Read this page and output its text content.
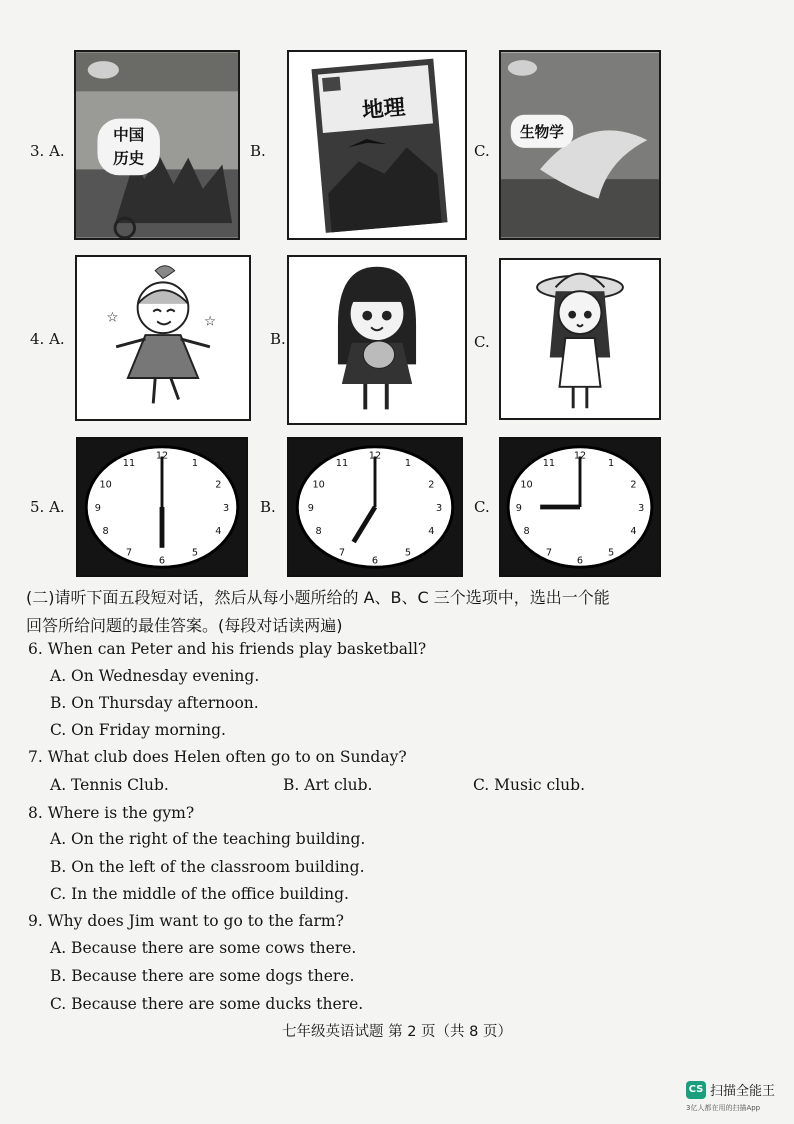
3. A.
中国
历史	B.
地理
C.
生物学
4. A.
☆	☆
B.	C.
5. A.
12
1
2
3
4
5
6
7
8
9
10
11
B.
12
1
2
3
4
5
6
7
8
9
10
11
C.
12
1
2
3
4
5
6
7
8
9
10
11
(二)请听下面五段短对话，然后从每小题所给的 A、B、C 三个选项中，选出一个能
回答所给问题的最佳答案。(每段对话读两遍)
6. When can Peter and his friends play basketball?
A. On Wednesday evening.
B. On Thursday afternoon.
C. On Friday morning.
7. What club does Helen often go to on Sunday?
A. Tennis Club.	B. Art club.	C. Music club.
8. Where is the gym?
A. On the right of the teaching building.
B. On the left of the classroom building.
C. In the middle of the office building.
9. Why does Jim want to go to the farm?
A. Because there are some cows there.
B. Because there are some dogs there.
C. Because there are some ducks there.
七年级英语试题 第 2 页（共 8 页）
CS 扫描全能王
3亿人都在用的扫描App
